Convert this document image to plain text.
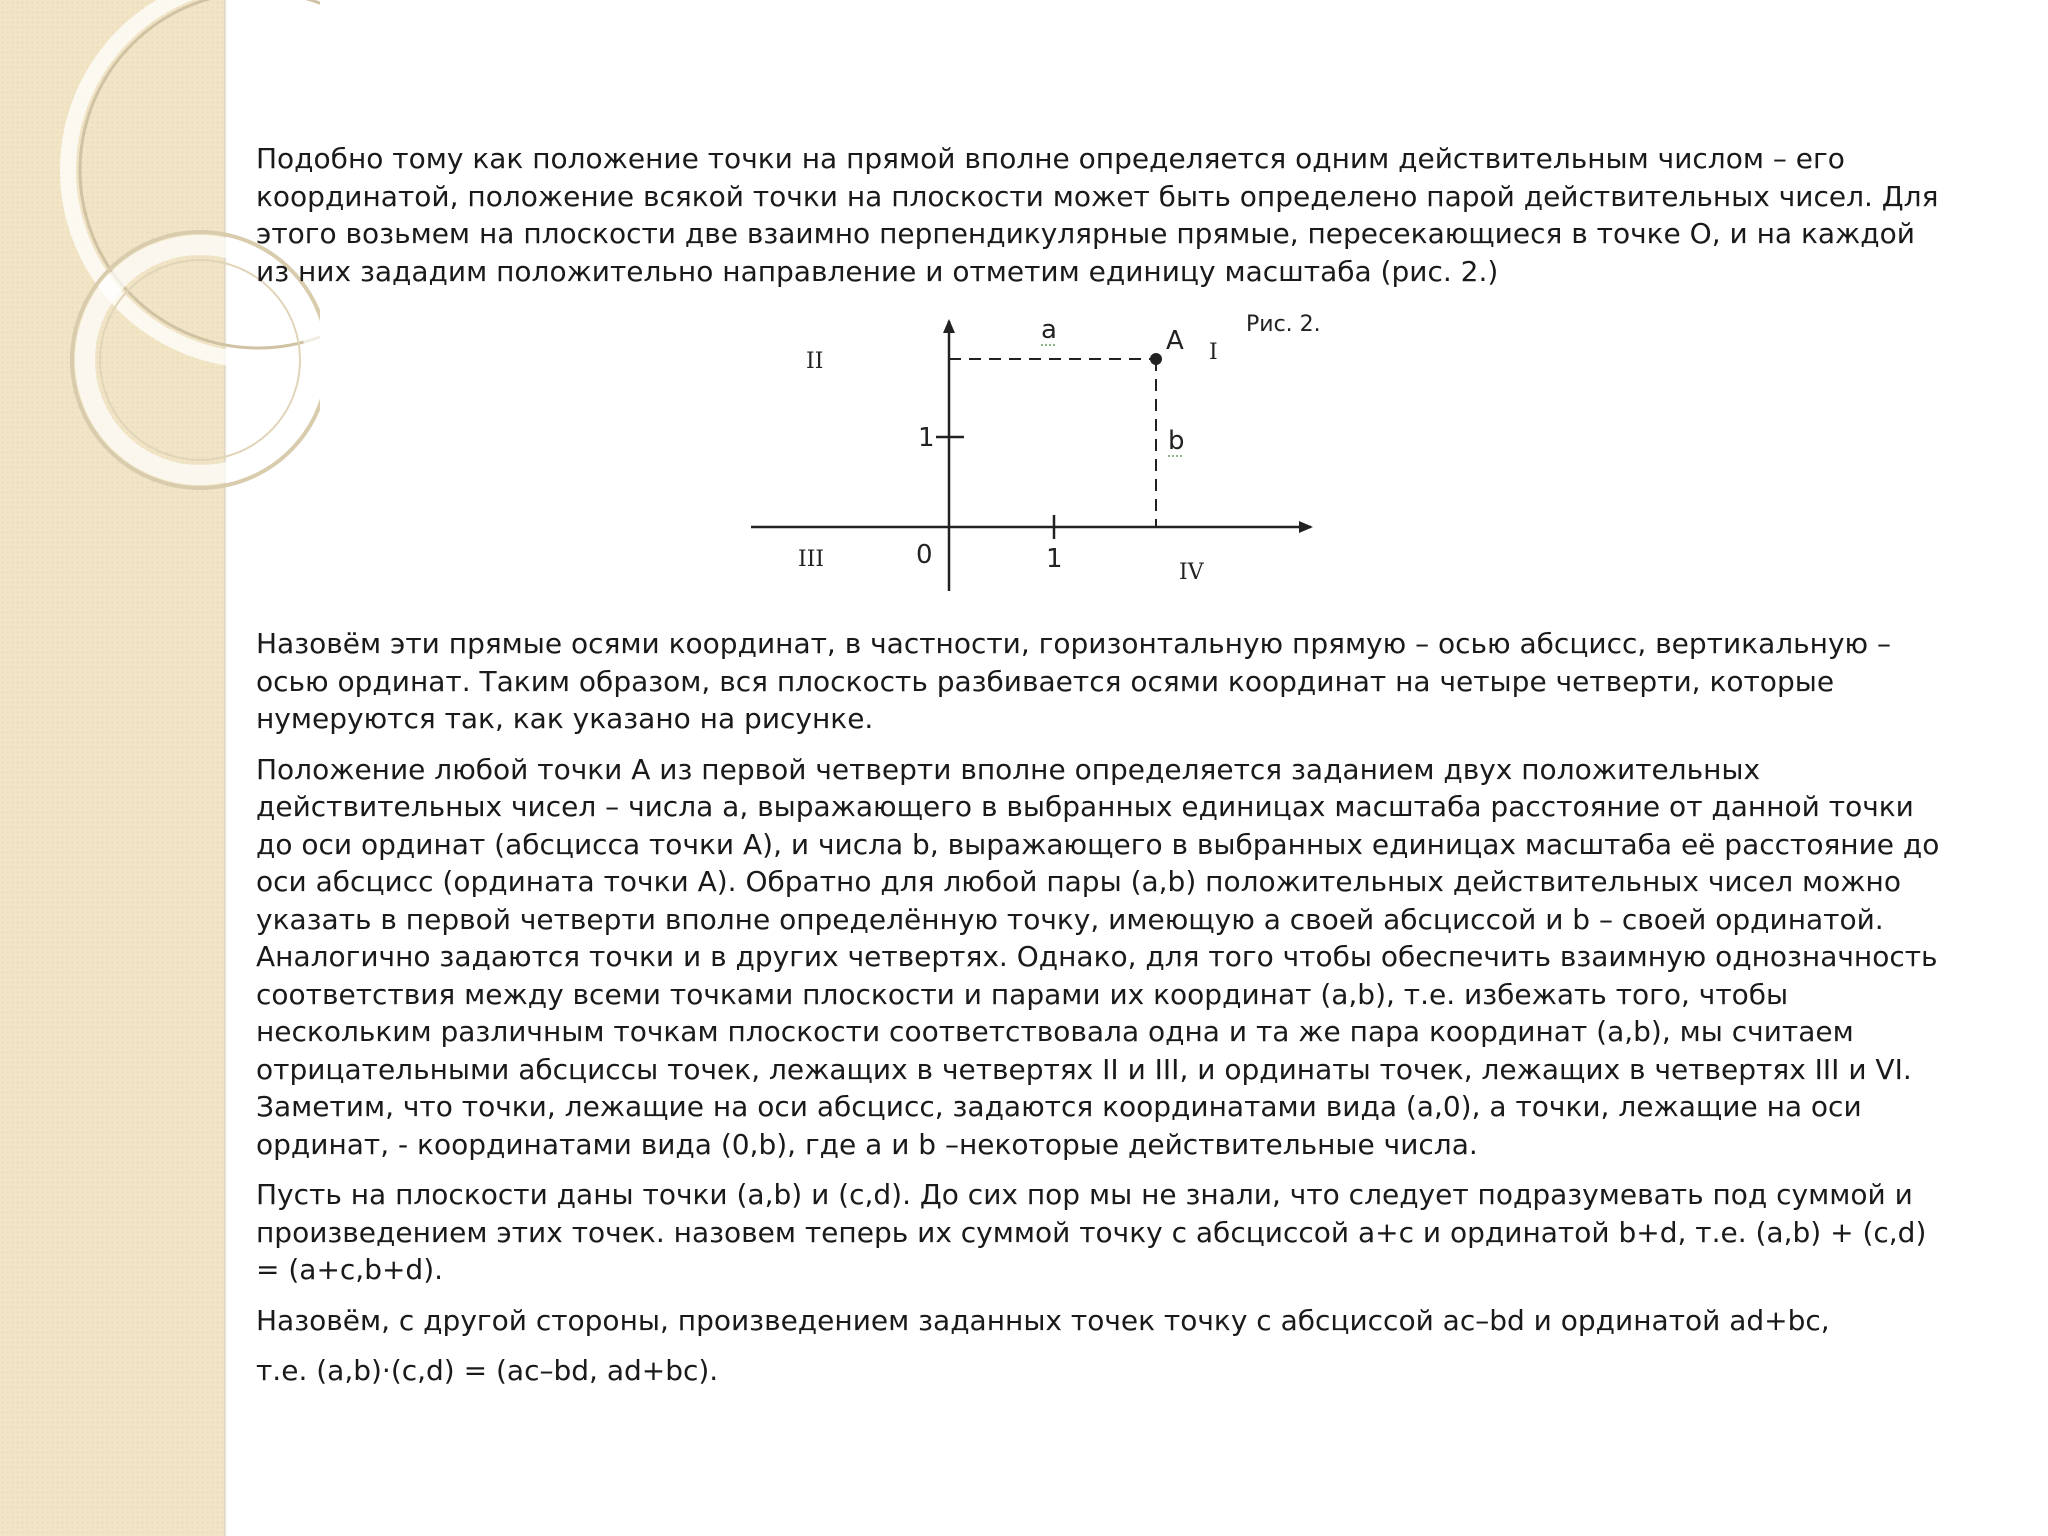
Подобно тому как положение точки на прямой вполне определяется одним действительным числом – его координатой, положение всякой точки на плоскости может быть определено парой действительных чисел. Для этого возьмем на плоскости две взаимно перпендикулярные прямые, пересекающиеся в точке О, и на каждой из них зададим положительно направление и отметим единицу масштаба (рис. 2.)

a	A
b
1
1
0
I
II
III
IV
Рис. 2.

Назовём эти прямые осями координат, в частности, горизонтальную прямую – осью абсцисс, вертикальную – осью ординат. Таким образом, вся плоскость разбивается осями координат на четыре четверти, которые нумеруются так, как указано на рисунке.

Положение любой точки А из первой четверти вполне определяется заданием двух положительных действительных чисел – числа a, выражающего в выбранных единицах масштаба расстояние от данной точки до оси ординат (абсцисса точки А), и числа b, выражающего в выбранных единицах масштаба её расстояние до оси абсцисс (ордината точки А). Обратно для любой пары (a,b) положительных действительных чисел можно указать в первой четверти вполне определённую точку, имеющую a своей абсциссой и b – своей ординатой. Аналогично задаются точки и в других четвертях. Однако, для того чтобы обеспечить взаимную однозначность соответствия между всеми точками плоскости и парами их координат (a,b), т.е. избежать того, чтобы нескольким различным точкам плоскости соответствовала одна и та же пара координат (a,b), мы считаем отрицательными абсциссы точек, лежащих в четвертях II и III, и ординаты точек, лежащих в четвертях III и VI. Заметим, что точки, лежащие на оси абсцисс, задаются координатами вида (a,0), а точки, лежащие на оси ординат, - координатами вида (0,b), где a и b –некоторые действительные числа.

Пусть на плоскости даны точки (a,b) и (c,d). До сих пор мы не знали, что следует подразумевать под суммой и произведением этих точек. назовем теперь их суммой точку с абсциссой a+c и ординатой b+d, т.е. (a,b) + (c,d) = (a+c,b+d).

Назовём, с другой стороны, произведением заданных точек точку с абсциссой ac–bd и ординатой ad+bc,

т.е. (a,b)·(c,d) = (ac–bd, ad+bc).
